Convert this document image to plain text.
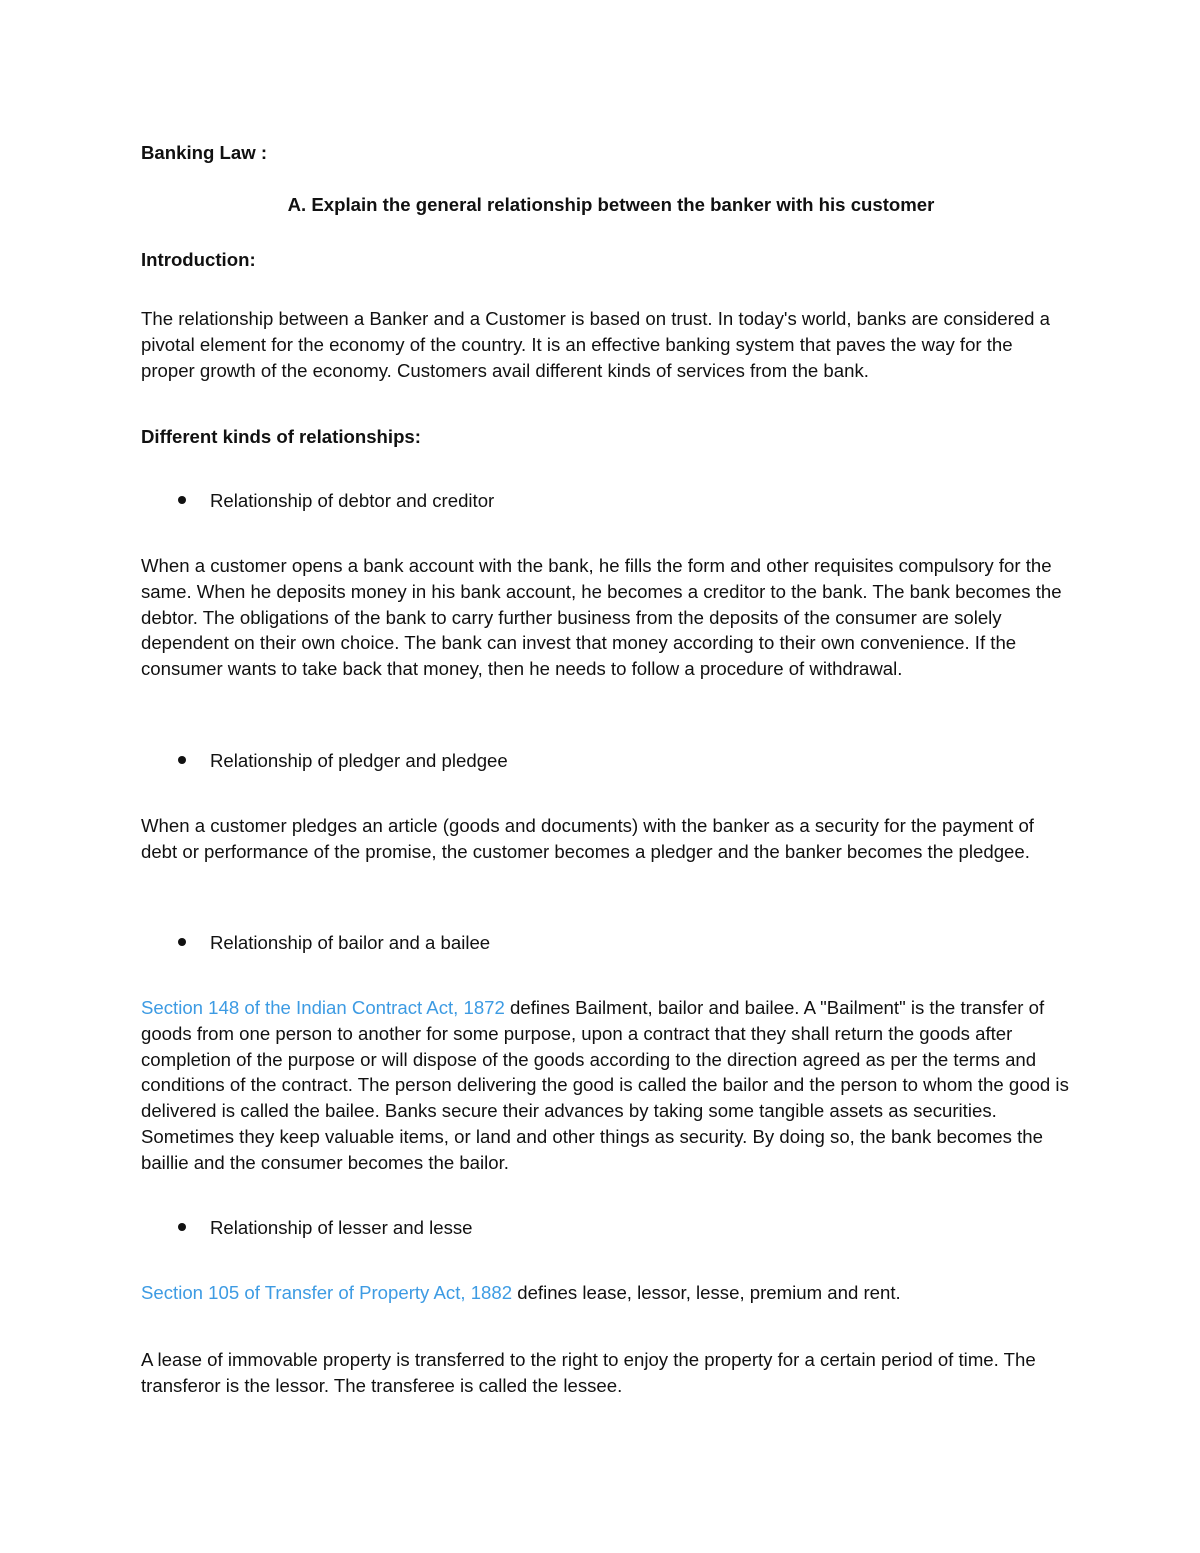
Banking Law :

A. Explain the general relationship between the banker with his customer

Introduction:

The relationship between a Banker and a Customer is based on trust. In today's world, banks are considered a pivotal element for the economy of the country. It is an effective banking system that paves the way for the proper growth of the economy. Customers avail different kinds of services from the bank.

Different kinds of relationships:

Relationship of debtor and creditor

When a customer opens a bank account with the bank, he fills the form and other requisites compulsory for the same. When he deposits money in his bank account, he becomes a creditor to the bank. The bank becomes the debtor. The obligations of the bank to carry further business from the deposits of the consumer are solely dependent on their own choice. The bank can invest that money according to their own convenience. If the consumer wants to take back that money, then he needs to follow a procedure of withdrawal.

Relationship of pledger and pledgee

When a customer pledges an article (goods and documents) with the banker as a security for the payment of debt or performance of the promise, the customer becomes a pledger and the banker becomes the pledgee.

Relationship of bailor and a bailee

Section 148 of the Indian Contract Act, 1872 defines Bailment, bailor and bailee. A "Bailment" is the transfer of goods from one person to another for some purpose, upon a contract that they shall return the goods after completion of the purpose or will dispose of the goods according to the direction agreed as per the terms and conditions of the contract. The person delivering the good is called the bailor and the person to whom the good is delivered is called the bailee. Banks secure their advances by taking some tangible assets as securities. Sometimes they keep valuable items, or land and other things as security. By doing so, the bank becomes the baillie and the consumer becomes the bailor.

Relationship of lesser and lesse

Section 105 of Transfer of Property Act, 1882 defines lease, lessor, lesse, premium and rent.

A lease of immovable property is transferred to the right to enjoy the property for a certain period of time. The transferor is the lessor. The transferee is called the lessee.
